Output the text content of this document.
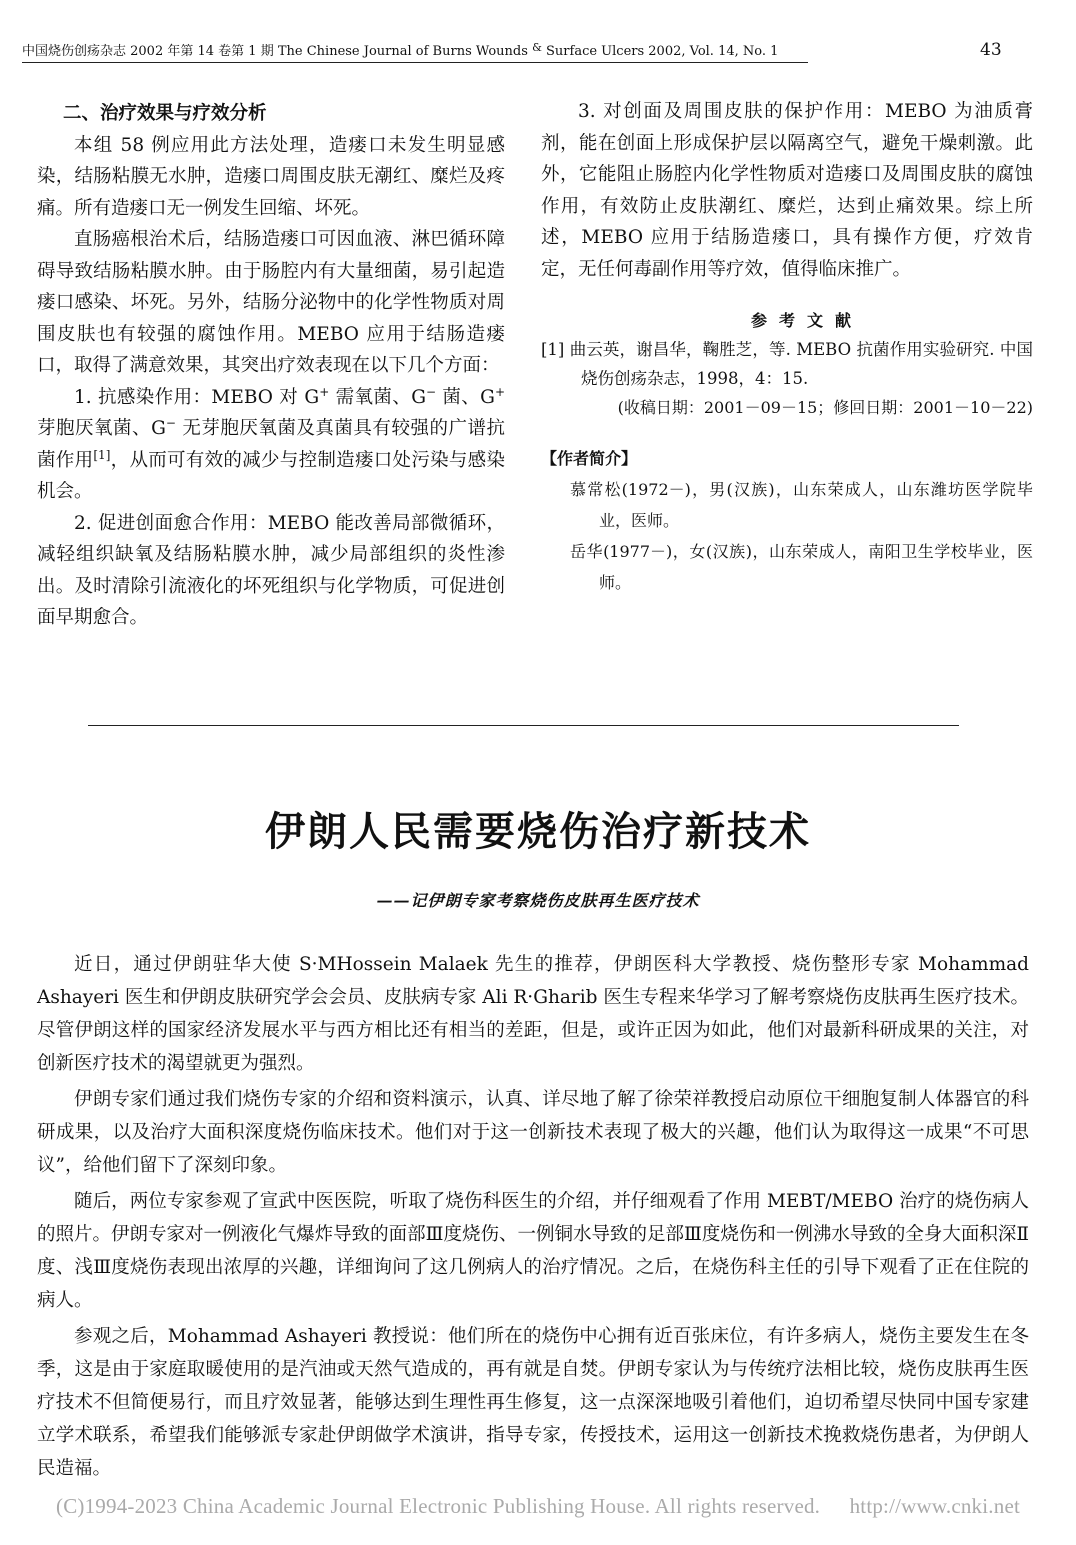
中国烧伤创疡杂志 2002 年第 14 卷第 1 期 The Chinese Journal of Burns Wounds & Surface Ulcers 2002, Vol. 14, No. 1	43
二、治疗效果与疗效分析

本组 58 例应用此方法处理，造瘘口未发生明显感染，结肠粘膜无水肿，造瘘口周围皮肤无潮红、糜烂及疼痛。所有造瘘口无一例发生回缩、坏死。

直肠癌根治术后，结肠造瘘口可因血液、淋巴循环障碍导致结肠粘膜水肿。由于肠腔内有大量细菌，易引起造瘘口感染、坏死。另外，结肠分泌物中的化学性物质对周围皮肤也有较强的腐蚀作用。MEBO 应用于结肠造瘘口，取得了满意效果，其突出疗效表现在以下几个方面：

1. 抗感染作用：MEBO 对 G+ 需氧菌、G− 菌、G+ 芽胞厌氧菌、G− 无芽胞厌氧菌及真菌具有较强的广谱抗菌作用[1]，从而可有效的减少与控制造瘘口处污染与感染机会。

2. 促进创面愈合作用：MEBO 能改善局部微循环，减轻组织缺氧及结肠粘膜水肿，减少局部组织的炎性渗出。及时清除引流液化的坏死组织与化学物质，可促进创面早期愈合。

3. 对创面及周围皮肤的保护作用：MEBO 为油质膏剂，能在创面上形成保护层以隔离空气，避免干燥刺激。此外，它能阻止肠腔内化学性物质对造瘘口及周围皮肤的腐蚀作用，有效防止皮肤潮红、糜烂，达到止痛效果。综上所述，MEBO 应用于结肠造瘘口，具有操作方便，疗效肯定，无任何毒副作用等疗效，值得临床推广。

参考文献
[1] 曲云英，谢昌华，鞠胜芝，等. MEBO 抗菌作用实验研究. 中国烧伤创疡杂志，1998，4：15.
(收稿日期：2001－09－15；修回日期：2001－10－22)
【作者简介】
慕常松(1972－)，男(汉族)，山东荣成人，山东潍坊医学院毕业，医师。
岳华(1977－)，女(汉族)，山东荣成人，南阳卫生学校毕业，医师。
伊朗人民需要烧伤治疗新技术
——记伊朗专家考察烧伤皮肤再生医疗技术

近日，通过伊朗驻华大使 S·MHossein Malaek 先生的推荐，伊朗医科大学教授、烧伤整形专家 Mohammad Ashayeri 医生和伊朗皮肤研究学会会员、皮肤病专家 Ali R·Gharib 医生专程来华学习了解考察烧伤皮肤再生医疗技术。尽管伊朗这样的国家经济发展水平与西方相比还有相当的差距，但是，或许正因为如此，他们对最新科研成果的关注，对创新医疗技术的渴望就更为强烈。

伊朗专家们通过我们烧伤专家的介绍和资料演示，认真、详尽地了解了徐荣祥教授启动原位干细胞复制人体器官的科研成果，以及治疗大面积深度烧伤临床技术。他们对于这一创新技术表现了极大的兴趣，他们认为取得这一成果“不可思议”，给他们留下了深刻印象。

随后，两位专家参观了宣武中医医院，听取了烧伤科医生的介绍，并仔细观看了作用 MEBT/MEBO 治疗的烧伤病人的照片。伊朗专家对一例液化气爆炸导致的面部Ⅲ度烧伤、一例铜水导致的足部Ⅲ度烧伤和一例沸水导致的全身大面积深Ⅱ度、浅Ⅲ度烧伤表现出浓厚的兴趣，详细询问了这几例病人的治疗情况。之后，在烧伤科主任的引导下观看了正在住院的病人。

参观之后，Mohammad Ashayeri 教授说：他们所在的烧伤中心拥有近百张床位，有许多病人，烧伤主要发生在冬季，这是由于家庭取暖使用的是汽油或天然气造成的，再有就是自焚。伊朗专家认为与传统疗法相比较，烧伤皮肤再生医疗技术不但简便易行，而且疗效显著，能够达到生理性再生修复，这一点深深地吸引着他们，迫切希望尽快同中国专家建立学术联系，希望我们能够派专家赴伊朗做学术演讲，指导专家，传授技术，运用这一创新技术挽救烧伤患者，为伊朗人民造福。

(C)1994-2023 China Academic Journal Electronic Publishing House. All rights reserved. http://www.cnki.net
